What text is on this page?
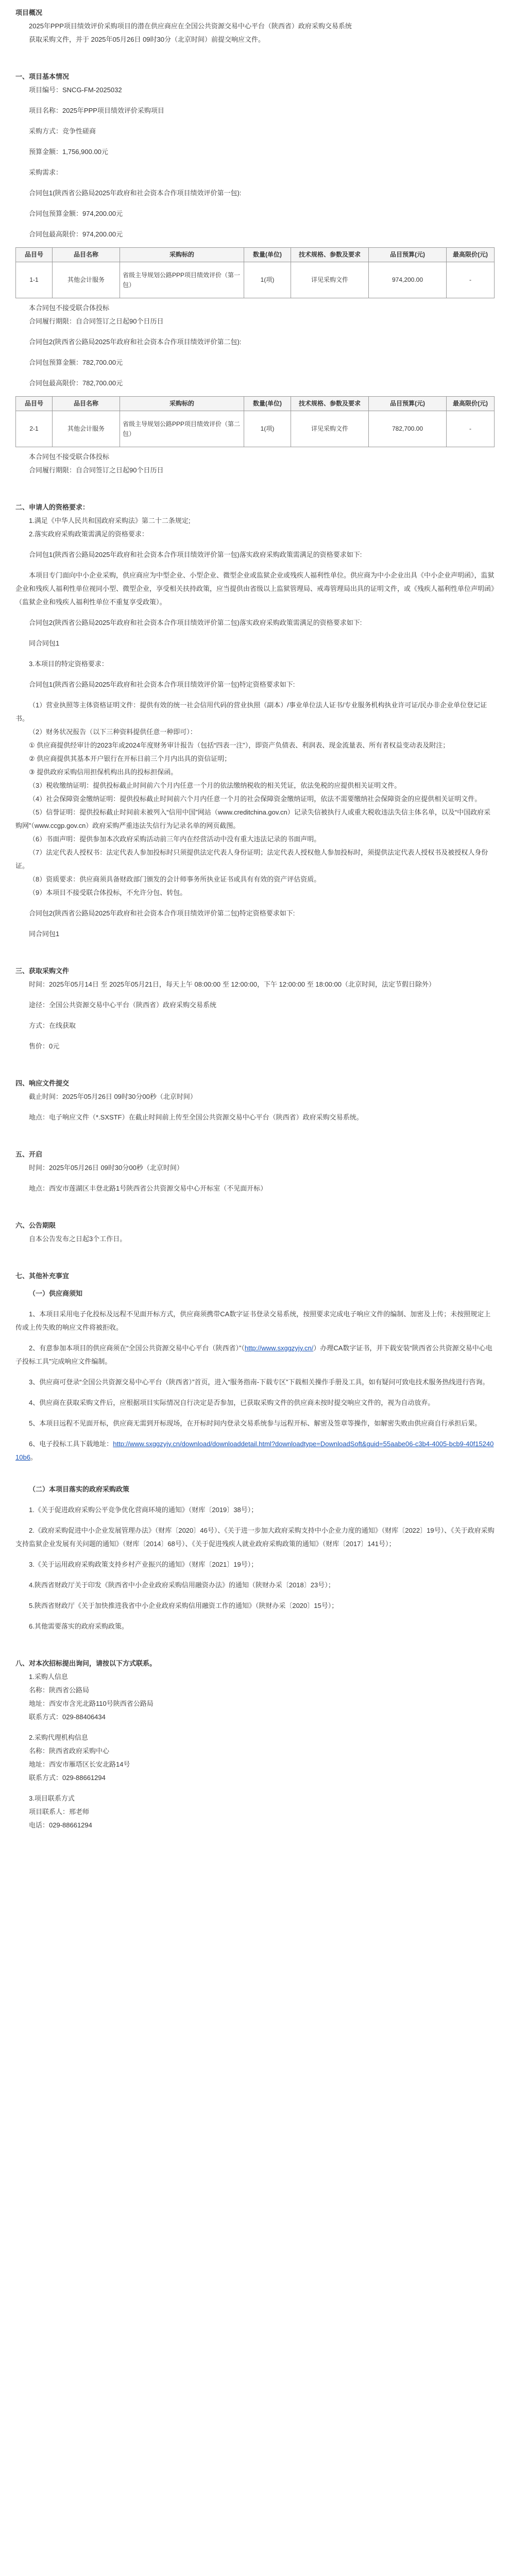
项目概况

2025年PPP项目绩效评价采购项目的潜在供应商应在全国公共资源交易中心平台（陕西省）政府采购交易系统

获取采购文件，并于 2025年05月26日 09时30分（北京时间）前提交响应文件。

一、项目基本情况

项目编号：SNCG-FM-2025032

项目名称：2025年PPP项目绩效评价采购项目

采购方式：竞争性磋商

预算金额：1,756,900.00元

采购需求：

合同包1(陕西省公路局2025年政府和社会资本合作项目绩效评价第一包):

合同包预算金额：974,200.00元

合同包最高限价：974,200.00元

品目号	品目名称	采购标的	数量(单位)	技术规格、参数及要求	品目预算(元)	最高限价(元)
1-1	其他会计服务	省级主导规划公路PPP项目绩效评价（第一包）	1(项)	详见采购文件	974,200.00	-

本合同包不接受联合体投标

合同履行期限：自合同签订之日起90个日历日

合同包2(陕西省公路局2025年政府和社会资本合作项目绩效评价第二包):

合同包预算金额：782,700.00元

合同包最高限价：782,700.00元

品目号	品目名称	采购标的	数量(单位)	技术规格、参数及要求	品目预算(元)	最高限价(元)
2-1	其他会计服务	省级主导规划公路PPP项目绩效评价（第二包）	1(项)	详见采购文件	782,700.00	-

本合同包不接受联合体投标

合同履行期限：自合同签订之日起90个日历日

二、申请人的资格要求：

1.满足《中华人民共和国政府采购法》第二十二条规定;

2.落实政府采购政策需满足的资格要求：

合同包1(陕西省公路局2025年政府和社会资本合作项目绩效评价第一包)落实政府采购政策需满足的资格要求如下:

本项目专门面向中小企业采购，供应商应为中型企业、小型企业、微型企业或监狱企业或残疾人福利性单位。供应商为中小企业出具《中小企业声明函》，监狱企业和残疾人福利性单位视同小型、微型企业，享受相关扶持政策，应当提供由省级以上监狱管理局、戒毒管理局出具的证明文件，或《残疾人福利性单位声明函》（监狱企业和残疾人福利性单位不重复享受政策）。

合同包2(陕西省公路局2025年政府和社会资本合作项目绩效评价第二包)落实政府采购政策需满足的资格要求如下:

同合同包1

3.本项目的特定资格要求：

合同包1(陕西省公路局2025年政府和社会资本合作项目绩效评价第一包)特定资格要求如下:

（1）营业执照等主体资格证明文件：提供有效的统一社会信用代码的营业执照（副本）/事业单位法人证书/专业服务机构执业许可证/民办非企业单位登记证书。

（2）财务状况报告（以下三种资料提供任意一种即可）：

① 供应商提供经审计的2023年或2024年度财务审计报告（包括“四表一注”），即资产负债表、利润表、现金流量表、所有者权益变动表及附注；

② 供应商提供其基本开户银行在开标日前三个月内出具的资信证明；

③ 提供政府采购信用担保机构出具的投标担保函。

（3）税收缴纳证明：提供投标截止时间前六个月内任意一个月的依法缴纳税收的相关凭证，依法免税的应提供相关证明文件。

（4）社会保障资金缴纳证明：提供投标截止时间前六个月内任意一个月的社会保障资金缴纳证明，依法不需要缴纳社会保障资金的应提供相关证明文件。

（5）信誉证明：提供投标截止时间前未被列入“信用中国”网站（www.creditchina.gov.cn）记录失信被执行人或重大税收违法失信主体名单，以及“中国政府采购网”（www.ccgp.gov.cn）政府采购严重违法失信行为记录名单的网页截图。

（6）书面声明：提供参加本次政府采购活动前三年内在经营活动中没有重大违法记录的书面声明。

（7）法定代表人授权书：法定代表人参加投标时只须提供法定代表人身份证明；法定代表人授权他人参加投标时，须提供法定代表人授权书及被授权人身份证。

（8）资质要求：供应商须具备财政部门颁发的会计师事务所执业证书或具有有效的资产评估资质。

（9）本项目不接受联合体投标，不允许分包、转包。

合同包2(陕西省公路局2025年政府和社会资本合作项目绩效评价第二包)特定资格要求如下:

同合同包1

三、获取采购文件

时间：2025年05月14日 至 2025年05月21日，每天上午 08:00:00 至 12:00:00，下午 12:00:00 至 18:00:00（北京时间，法定节假日除外）

途径：全国公共资源交易中心平台（陕西省）政府采购交易系统

方式：在线获取

售价：0元

四、响应文件提交

截止时间：2025年05月26日 09时30分00秒（北京时间）

地点：电子响应文件（*.SXSTF）在截止时间前上传至全国公共资源交易中心平台（陕西省）政府采购交易系统。

五、开启

时间：2025年05月26日 09时30分00秒（北京时间）

地点：西安市莲湖区丰登北路1号陕西省公共资源交易中心开标室（不见面开标）

六、公告期限

自本公告发布之日起3个工作日。

七、其他补充事宜

（一）供应商须知

1、本项目采用电子化投标及远程不见面开标方式，供应商须携带CA数字证书登录交易系统，按照要求完成电子响应文件的编制、加密及上传；未按照规定上传或上传失败的响应文件将被拒收。

2、有意参加本项目的供应商须在“全国公共资源交易中心平台（陕西省）”（http://www.sxggzyjy.cn/）办理CA数字证书，并下载安装“陕西省公共资源交易中心电子投标工具”完成响应文件编制。

3、供应商可登录“全国公共资源交易中心平台（陕西省）”首页，进入“服务指南-下载专区”下载相关操作手册及工具，如有疑问可致电技术服务热线进行咨询。

4、供应商在获取采购文件后，应根据项目实际情况自行决定是否参加，已获取采购文件的供应商未按时提交响应文件的，视为自动放弃。

5、本项目远程不见面开标，供应商无需到开标现场，在开标时间内登录交易系统参与远程开标、解密及签章等操作，如解密失败由供应商自行承担后果。

6、电子投标工具下载地址：http://www.sxggzyjy.cn/download/downloaddetail.html?downloadtype=DownloadSoft&guid=55aabe06-c3b4-4005-bcb9-40f1524010b6。

（二）本项目落实的政府采购政策

1.《关于促进政府采购公平竞争优化营商环境的通知》（财库〔2019〕38号）；

2.《政府采购促进中小企业发展管理办法》（财库〔2020〕46号）、《关于进一步加大政府采购支持中小企业力度的通知》（财库〔2022〕19号）、《关于政府采购支持监狱企业发展有关问题的通知》（财库〔2014〕68号）、《关于促进残疾人就业政府采购政策的通知》（财库〔2017〕141号）；

3.《关于运用政府采购政策支持乡村产业振兴的通知》（财库〔2021〕19号）；

4.陕西省财政厅关于印发《陕西省中小企业政府采购信用融资办法》的通知（陕财办采〔2018〕23号）；

5.陕西省财政厅《关于加快推进我省中小企业政府采购信用融资工作的通知》（陕财办采〔2020〕15号）；

6.其他需要落实的政府采购政策。

八、对本次招标提出询问，请按以下方式联系。

1.采购人信息

名称：陕西省公路局

地址：西安市含光北路110号陕西省公路局

联系方式：029-88406434

2.采购代理机构信息

名称：陕西省政府采购中心

地址：西安市雁塔区长安北路14号

联系方式：029-88661294

3.项目联系方式

项目联系人：邢老师

电话：029-88661294
